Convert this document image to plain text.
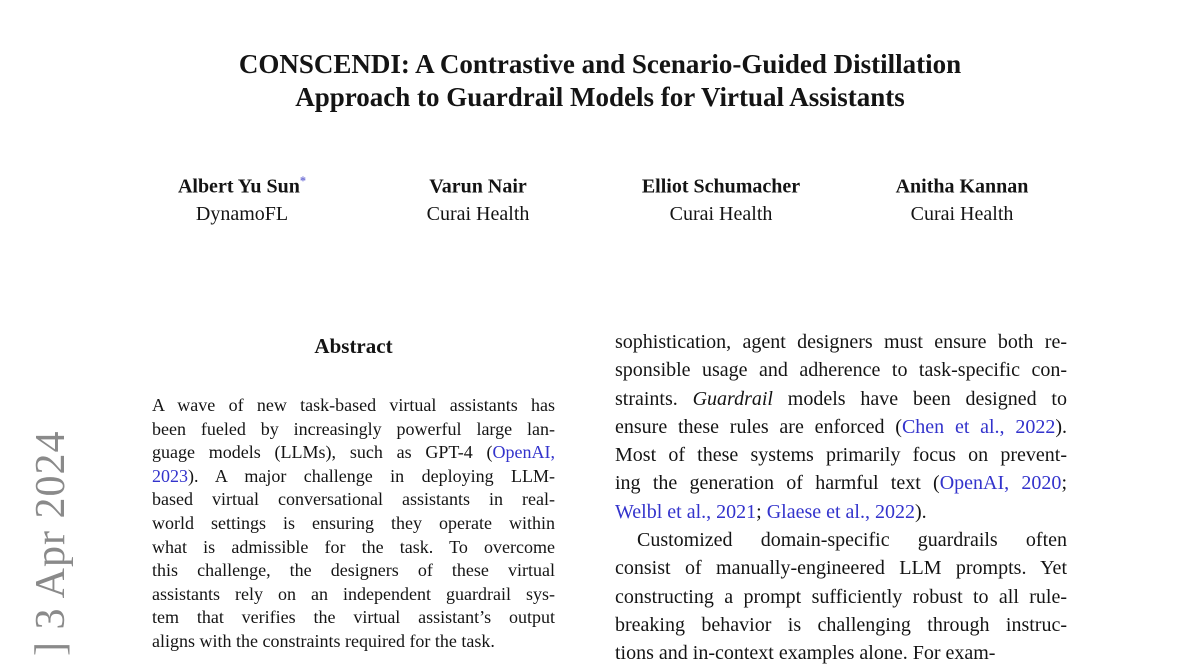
] 3 Apr 2024
CONSCENDI: A Contrastive and Scenario-Guided Distillation
Approach to Guardrail Models for Virtual Assistants
Albert Yu Sun*
DynamoFL
Varun Nair
Curai Health
Elliot Schumacher
Curai Health
Anitha Kannan
Curai Health
Abstract
A wave of new task-based virtual assistants has
been fueled by increasingly powerful large lan-
guage models (LLMs), such as GPT-4 (OpenAI,
2023). A major challenge in deploying LLM-
based virtual conversational assistants in real-
world settings is ensuring they operate within
what is admissible for the task. To overcome
this challenge, the designers of these virtual
assistants rely on an independent guardrail sys-
tem that verifies the virtual assistant’s output
aligns with the constraints required for the task.
sophistication, agent designers must ensure both re-
sponsible usage and adherence to task-specific con-
straints. Guardrail models have been designed to
ensure these rules are enforced (Chen et al., 2022).
Most of these systems primarily focus on prevent-
ing the generation of harmful text (OpenAI, 2020;
Welbl et al., 2021; Glaese et al., 2022).
Customized domain-specific guardrails often
consist of manually-engineered LLM prompts. Yet
constructing a prompt sufficiently robust to all rule-
breaking behavior is challenging through instruc-
tions and in-context examples alone. For exam-
